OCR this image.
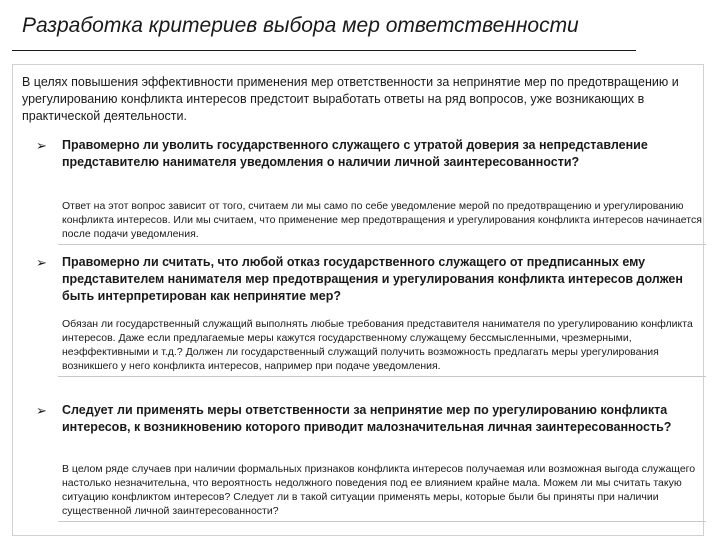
Разработка критериев выбора мер ответственности

В целях повышения эффективности применения мер ответственности за непринятие мер по предотвращению и урегулированию конфликта интересов предстоит выработать ответы на ряд вопросов, уже возникающих в практической деятельности.

➢ Правомерно ли уволить государственного служащего с утратой доверия за непредставление представителю нанимателя уведомления о наличии личной заинтересованности?

Ответ на этот вопрос зависит от того, считаем ли мы само по себе уведомление мерой по предотвращению и урегулированию конфликта интересов. Или мы считаем, что применение мер предотвращения и урегулирования конфликта интересов начинается после подачи уведомления.

➢ Правомерно ли считать, что любой отказ государственного служащего от предписанных ему представителем нанимателя мер предотвращения и урегулирования конфликта интересов должен быть интерпретирован как непринятие мер?

Обязан ли государственный служащий выполнять любые требования представителя нанимателя по урегулированию конфликта интересов. Даже если предлагаемые меры кажутся государственному служащему бессмысленными, чрезмерными, неэффективными и т.д.? Должен ли государственный служащий получить возможность предлагать меры урегулирования возникшего у него конфликта интересов, например при подаче уведомления.

➢ Следует ли применять меры ответственности за непринятие мер по урегулированию конфликта интересов, к возникновению которого приводит малозначительная личная заинтересованность?

В целом ряде случаев при наличии формальных признаков конфликта интересов получаемая или возможная выгода служащего настолько незначительна, что вероятность недолжного поведения под ее влиянием крайне мала. Можем ли мы считать такую ситуацию конфликтом интересов? Следует ли в такой ситуации применять меры, которые были бы приняты при наличии существенной личной заинтересованности?
